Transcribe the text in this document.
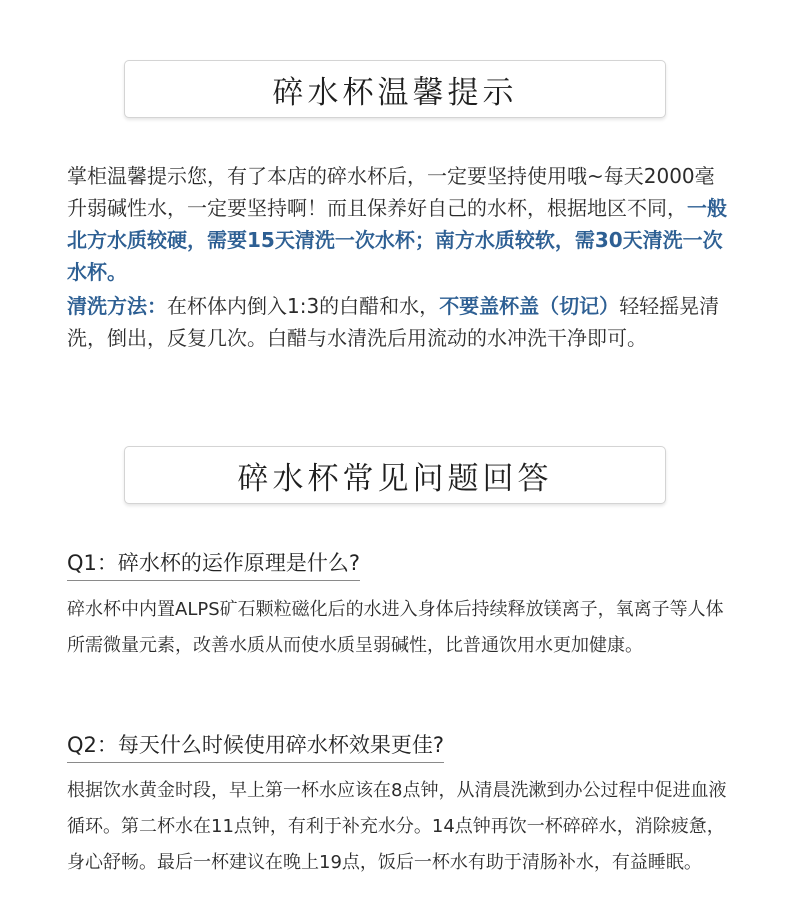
碎水杯温馨提示

掌柜温馨提示您，有了本店的碎水杯后，一定要坚持使用哦~每天2000毫升弱碱性水，一定要坚持啊！而且保养好自己的水杯，根据地区不同，一般北方水质较硬，需要15天清洗一次水杯；南方水质较软，需30天清洗一次水杯。

清洗方法：在杯体内倒入1:3的白醋和水，不要盖杯盖（切记）轻轻摇晃清洗，倒出，反复几次。白醋与水清洗后用流动的水冲洗干净即可。

碎水杯常见问题回答
Q1：碎水杯的运作原理是什么?

碎水杯中内置ALPS矿石颗粒磁化后的水进入身体后持续释放镁离子，氧离子等人体所需微量元素，改善水质从而使水质呈弱碱性，比普通饮用水更加健康。

Q2：每天什么时候使用碎水杯效果更佳?

根据饮水黄金时段，早上第一杯水应该在8点钟，从清晨洗漱到办公过程中促进血液循环。第二杯水在11点钟，有利于补充水分。14点钟再饮一杯碎碎水，消除疲惫，身心舒畅。最后一杯建议在晚上19点，饭后一杯水有助于清肠补水，有益睡眠。
